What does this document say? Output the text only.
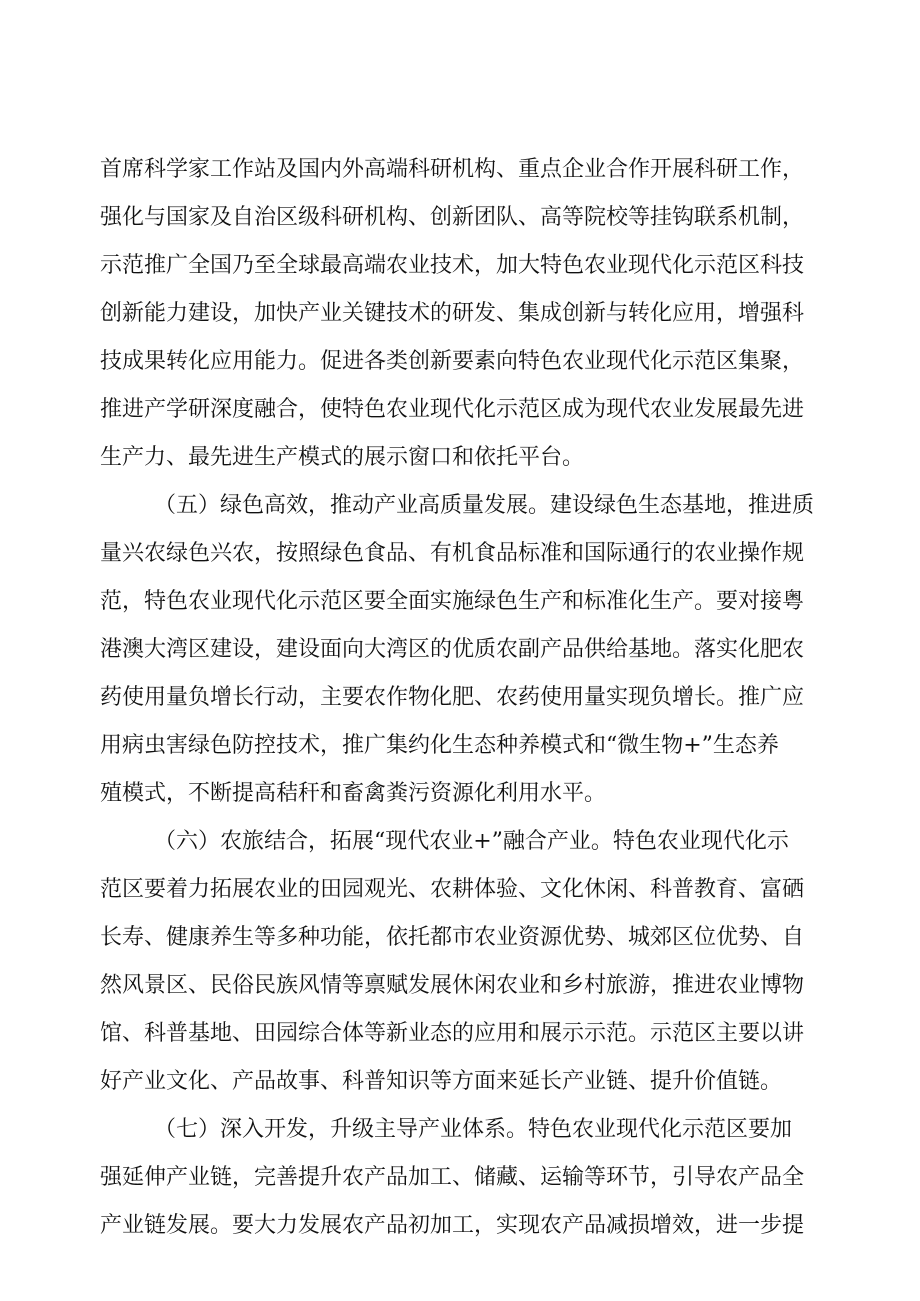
首席科学家工作站及国内外高端科研机构、重点企业合作开展科研工作，
强化与国家及自治区级科研机构、创新团队、高等院校等挂钩联系机制，
示范推广全国乃至全球最高端农业技术，加大特色农业现代化示范区科技
创新能力建设，加快产业关键技术的研发、集成创新与转化应用，增强科
技成果转化应用能力。促进各类创新要素向特色农业现代化示范区集聚，
推进产学研深度融合，使特色农业现代化示范区成为现代农业发展最先进
生产力、最先进生产模式的展示窗口和依托平台。
（五）绿色高效，推动产业高质量发展。建设绿色生态基地，推进质
量兴农绿色兴农，按照绿色食品、有机食品标准和国际通行的农业操作规
范，特色农业现代化示范区要全面实施绿色生产和标准化生产。要对接粤
港澳大湾区建设，建设面向大湾区的优质农副产品供给基地。落实化肥农
药使用量负增长行动，主要农作物化肥、农药使用量实现负增长。推广应
用病虫害绿色防控技术，推广集约化生态种养模式和“微生物+”生态养
殖模式，不断提高秸秆和畜禽粪污资源化利用水平。
（六）农旅结合，拓展“现代农业+”融合产业。特色农业现代化示
范区要着力拓展农业的田园观光、农耕体验、文化休闲、科普教育、富硒
长寿、健康养生等多种功能，依托都市农业资源优势、城郊区位优势、自
然风景区、民俗民族风情等禀赋发展休闲农业和乡村旅游，推进农业博物
馆、科普基地、田园综合体等新业态的应用和展示示范。示范区主要以讲
好产业文化、产品故事、科普知识等方面来延长产业链、提升价值链。
（七）深入开发，升级主导产业体系。特色农业现代化示范区要加
强延伸产业链，完善提升农产品加工、储藏、运输等环节，引导农产品全
产业链发展。要大力发展农产品初加工，实现农产品减损增效，进一步提
